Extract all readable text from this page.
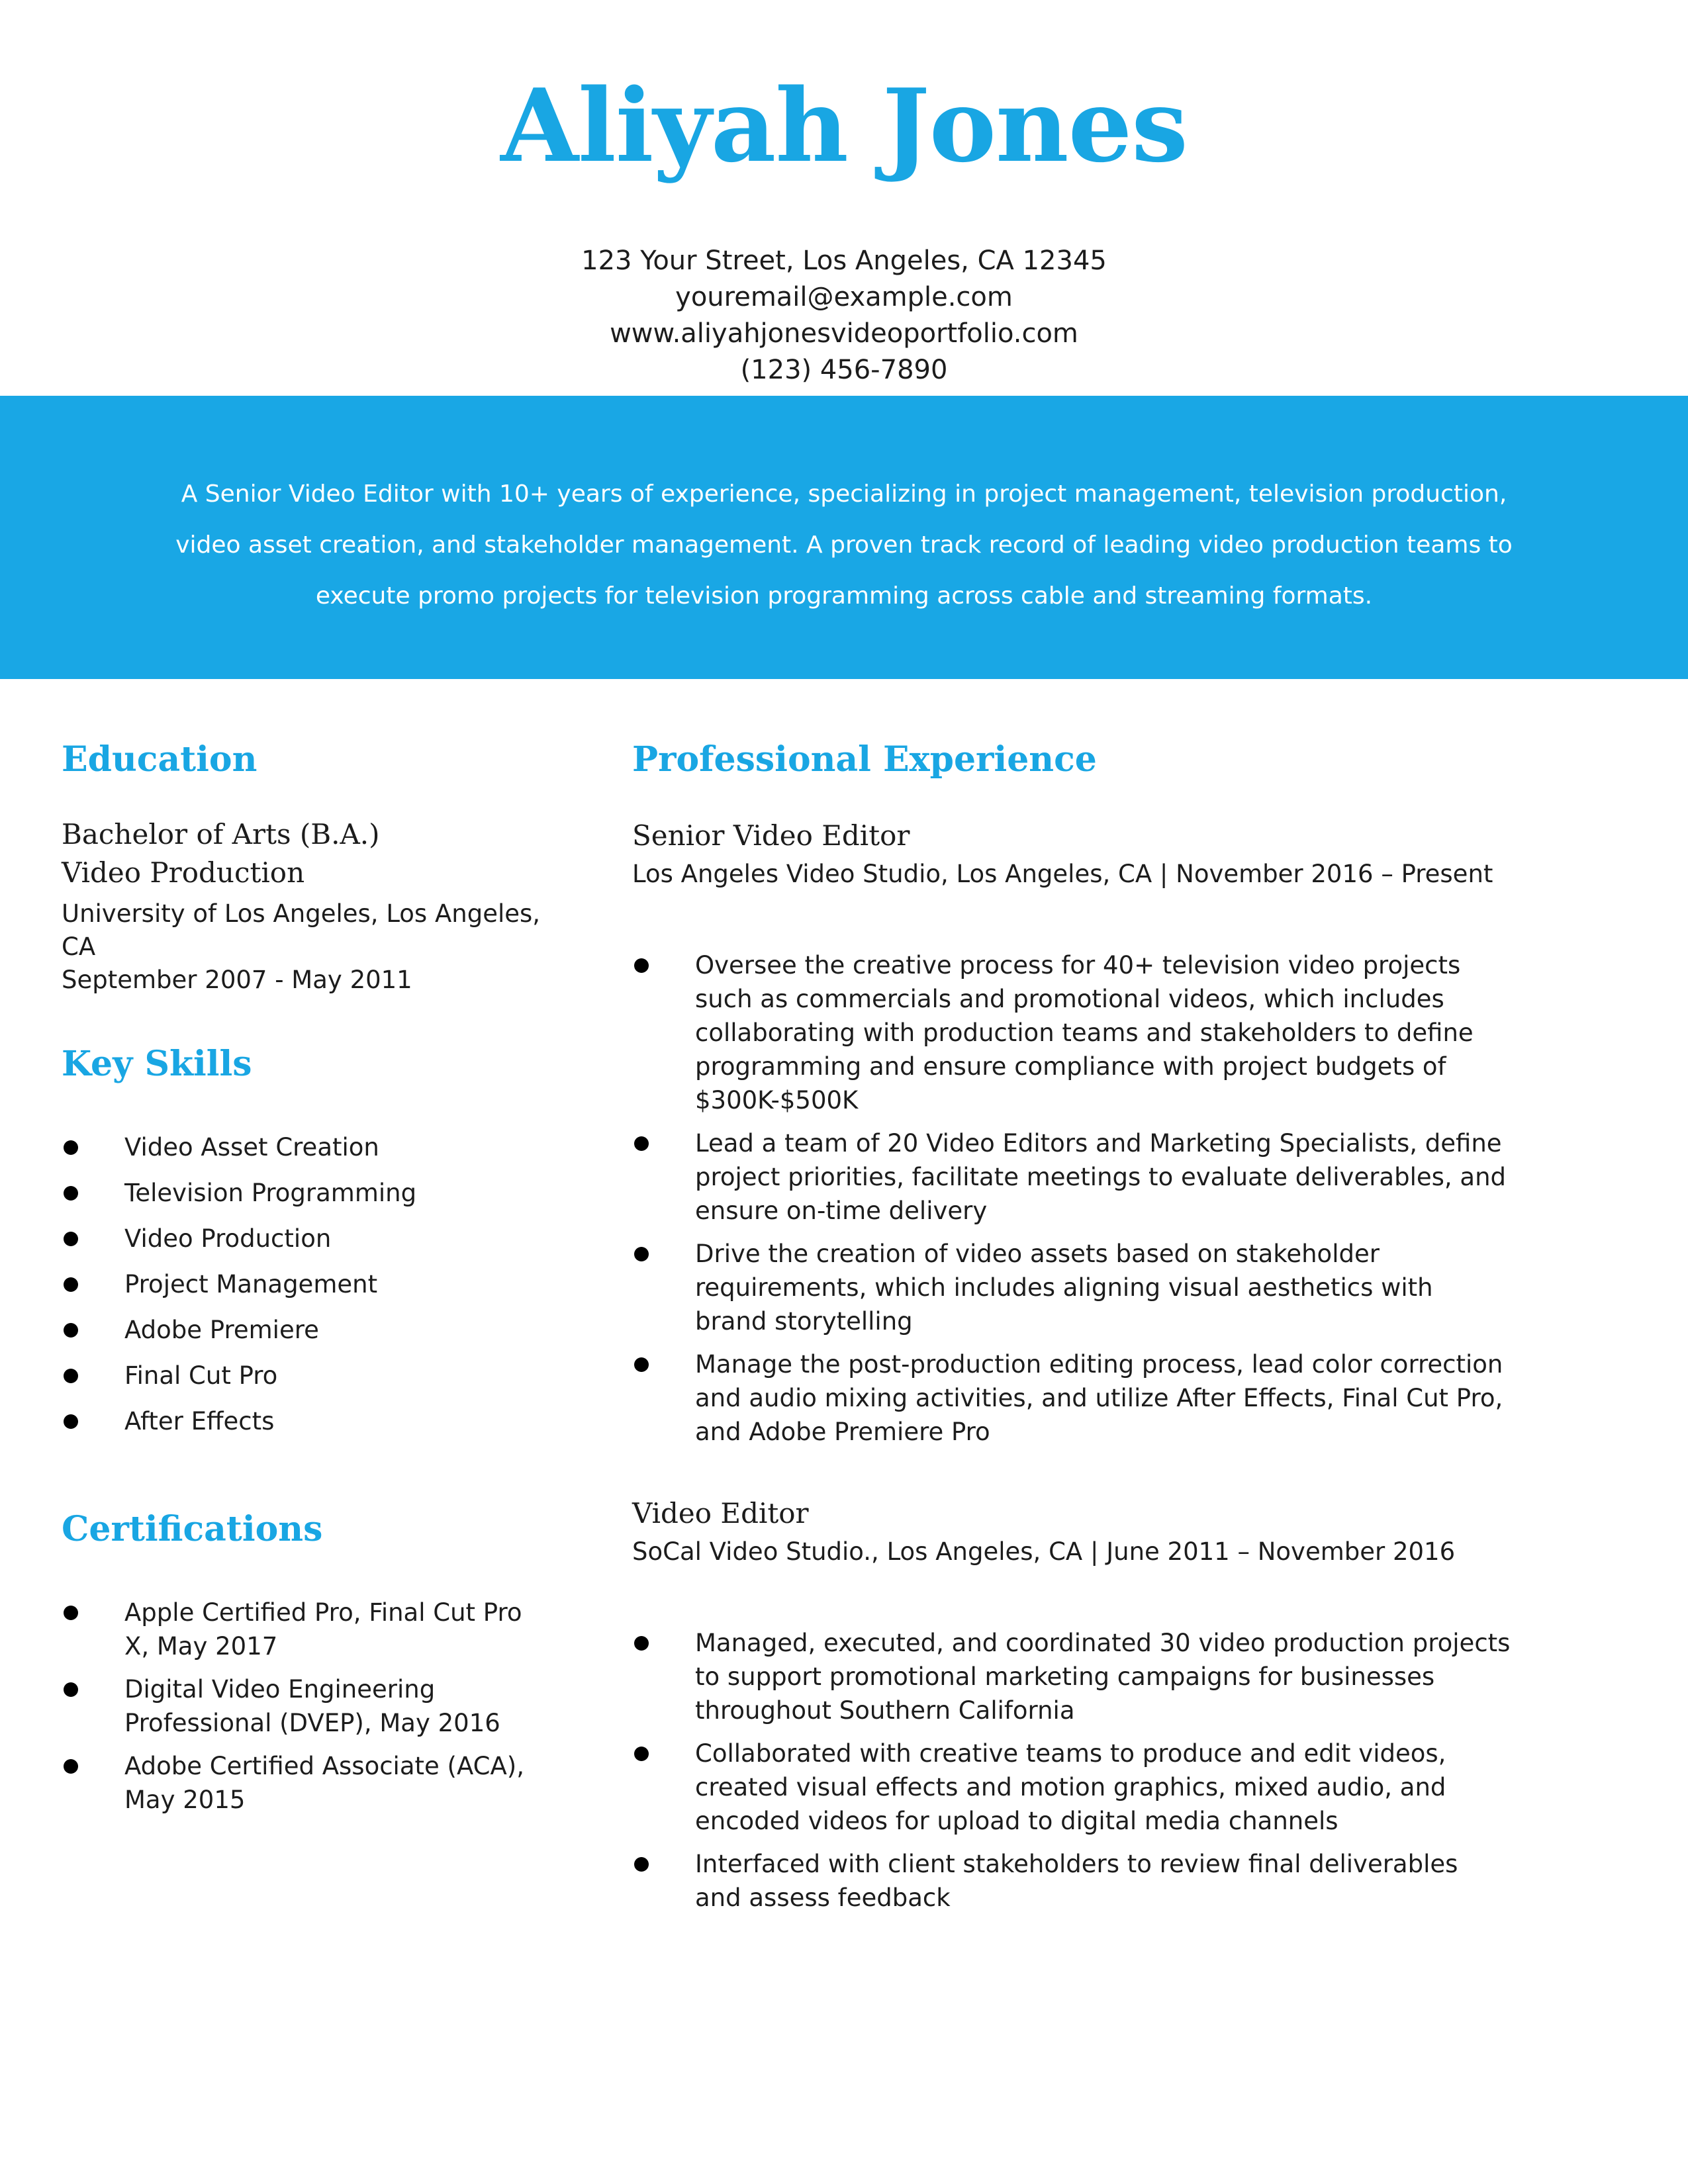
Aliyah Jones
123 Your Street, Los Angeles, CA 12345
youremail@example.com
www.aliyahjonesvideoportfolio.com
(123) 456-7890
A Senior Video Editor with 10+ years of experience, specializing in project management, television production,
video asset creation, and stakeholder management. A proven track record of leading video production teams to
execute promo projects for television programming across cable and streaming formats.
Education
Bachelor of Arts (B.A.)
Video Production
University of Los Angeles, Los Angeles, CA
September 2007 - May 2011
Key Skills
Video Asset Creation
Television Programming
Video Production
Project Management
Adobe Premiere
Final Cut Pro
After Effects
Certifications
Apple Certified Pro, Final Cut Pro
X, May 2017
Digital Video Engineering
Professional (DVEP), May 2016
Adobe Certified Associate (ACA),
May 2015
Professional Experience
Senior Video Editor
Los Angeles Video Studio, Los Angeles, CA | November 2016 – Present
Oversee the creative process for 40+ television video projects
such as commercials and promotional videos, which includes
collaborating with production teams and stakeholders to define
programming and ensure compliance with project budgets of
$300K-$500K
Lead a team of 20 Video Editors and Marketing Specialists, define
project priorities, facilitate meetings to evaluate deliverables, and
ensure on-time delivery
Drive the creation of video assets based on stakeholder
requirements, which includes aligning visual aesthetics with
brand storytelling
Manage the post-production editing process, lead color correction
and audio mixing activities, and utilize After Effects, Final Cut Pro,
and Adobe Premiere Pro
Video Editor
SoCal Video Studio., Los Angeles, CA | June 2011 – November 2016
Managed, executed, and coordinated 30 video production projects
to support promotional marketing campaigns for businesses
throughout Southern California
Collaborated with creative teams to produce and edit videos,
created visual effects and motion graphics, mixed audio, and
encoded videos for upload to digital media channels
Interfaced with client stakeholders to review final deliverables
and assess feedback
